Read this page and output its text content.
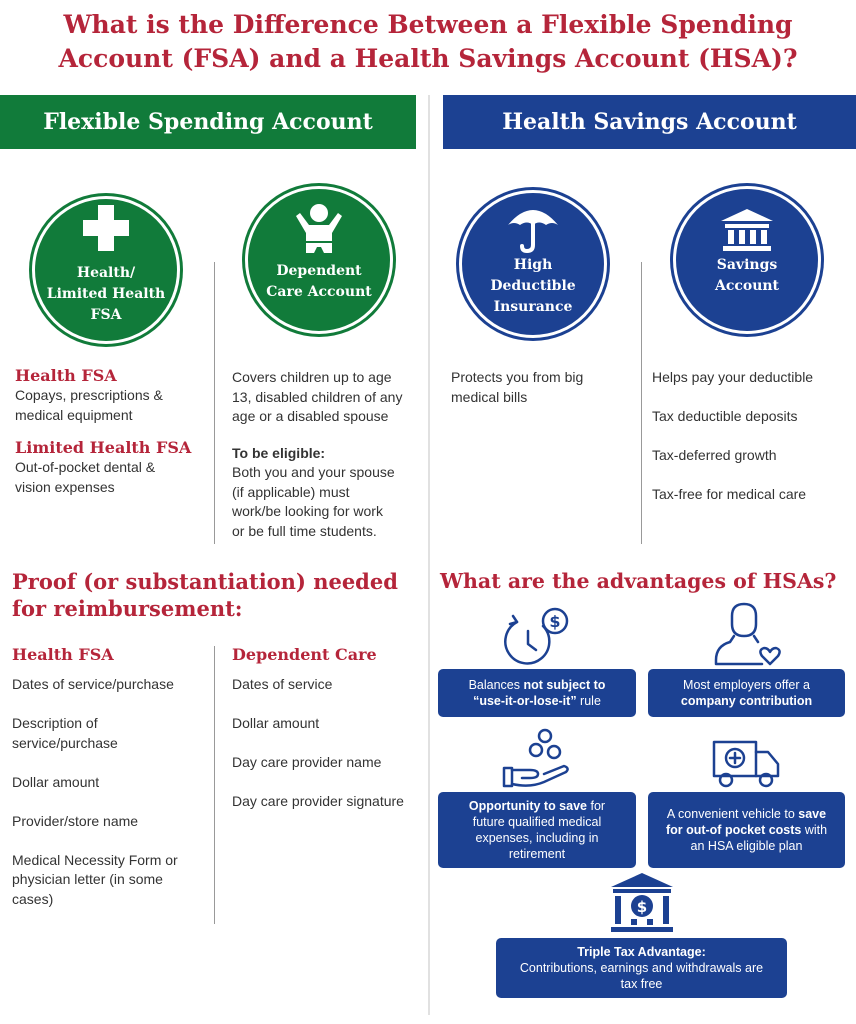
What is the Difference Between a Flexible Spending
Account (FSA) and a Health Savings Account (HSA)?
Flexible Spending Account	Health Savings Account
Health/
Limited Health
FSA
Dependent
Care Account
High
Deductible
Insurance
Savings
Account
Health FSA
Copays, prescriptions &
medical equipment
Limited Health FSA
Out-of-pocket dental &
vision expenses
Covers children up to age
13, disabled children of any
age or a disabled spouse
To be eligible:
Both you and your spouse
(if applicable) must
work/be looking for work
or be full time students.
Protects you from big
medical bills
Helps pay your deductible
Tax deductible deposits
Tax-deferred growth
Tax-free for medical care
Proof (or substantiation) needed
for reimbursement:
Health FSA
Dates of service/purchase
Description of
service/purchase
Dollar amount
Provider/store name
Medical Necessity Form or
physician letter (in some
cases)
Dependent Care
Dates of service
Dollar amount
Day care provider name
Day care provider signature
What are the advantages of HSAs?
$
Balances not subject to
“use-it-or-lose-it” rule
Most employers offer a
company contribution
Opportunity to save for
future qualified medical
expenses, including in
retirement
A convenient vehicle to save
for out-of pocket costs with
an HSA eligible plan
$
Triple Tax Advantage:
Contributions, earnings and withdrawals are
tax free
